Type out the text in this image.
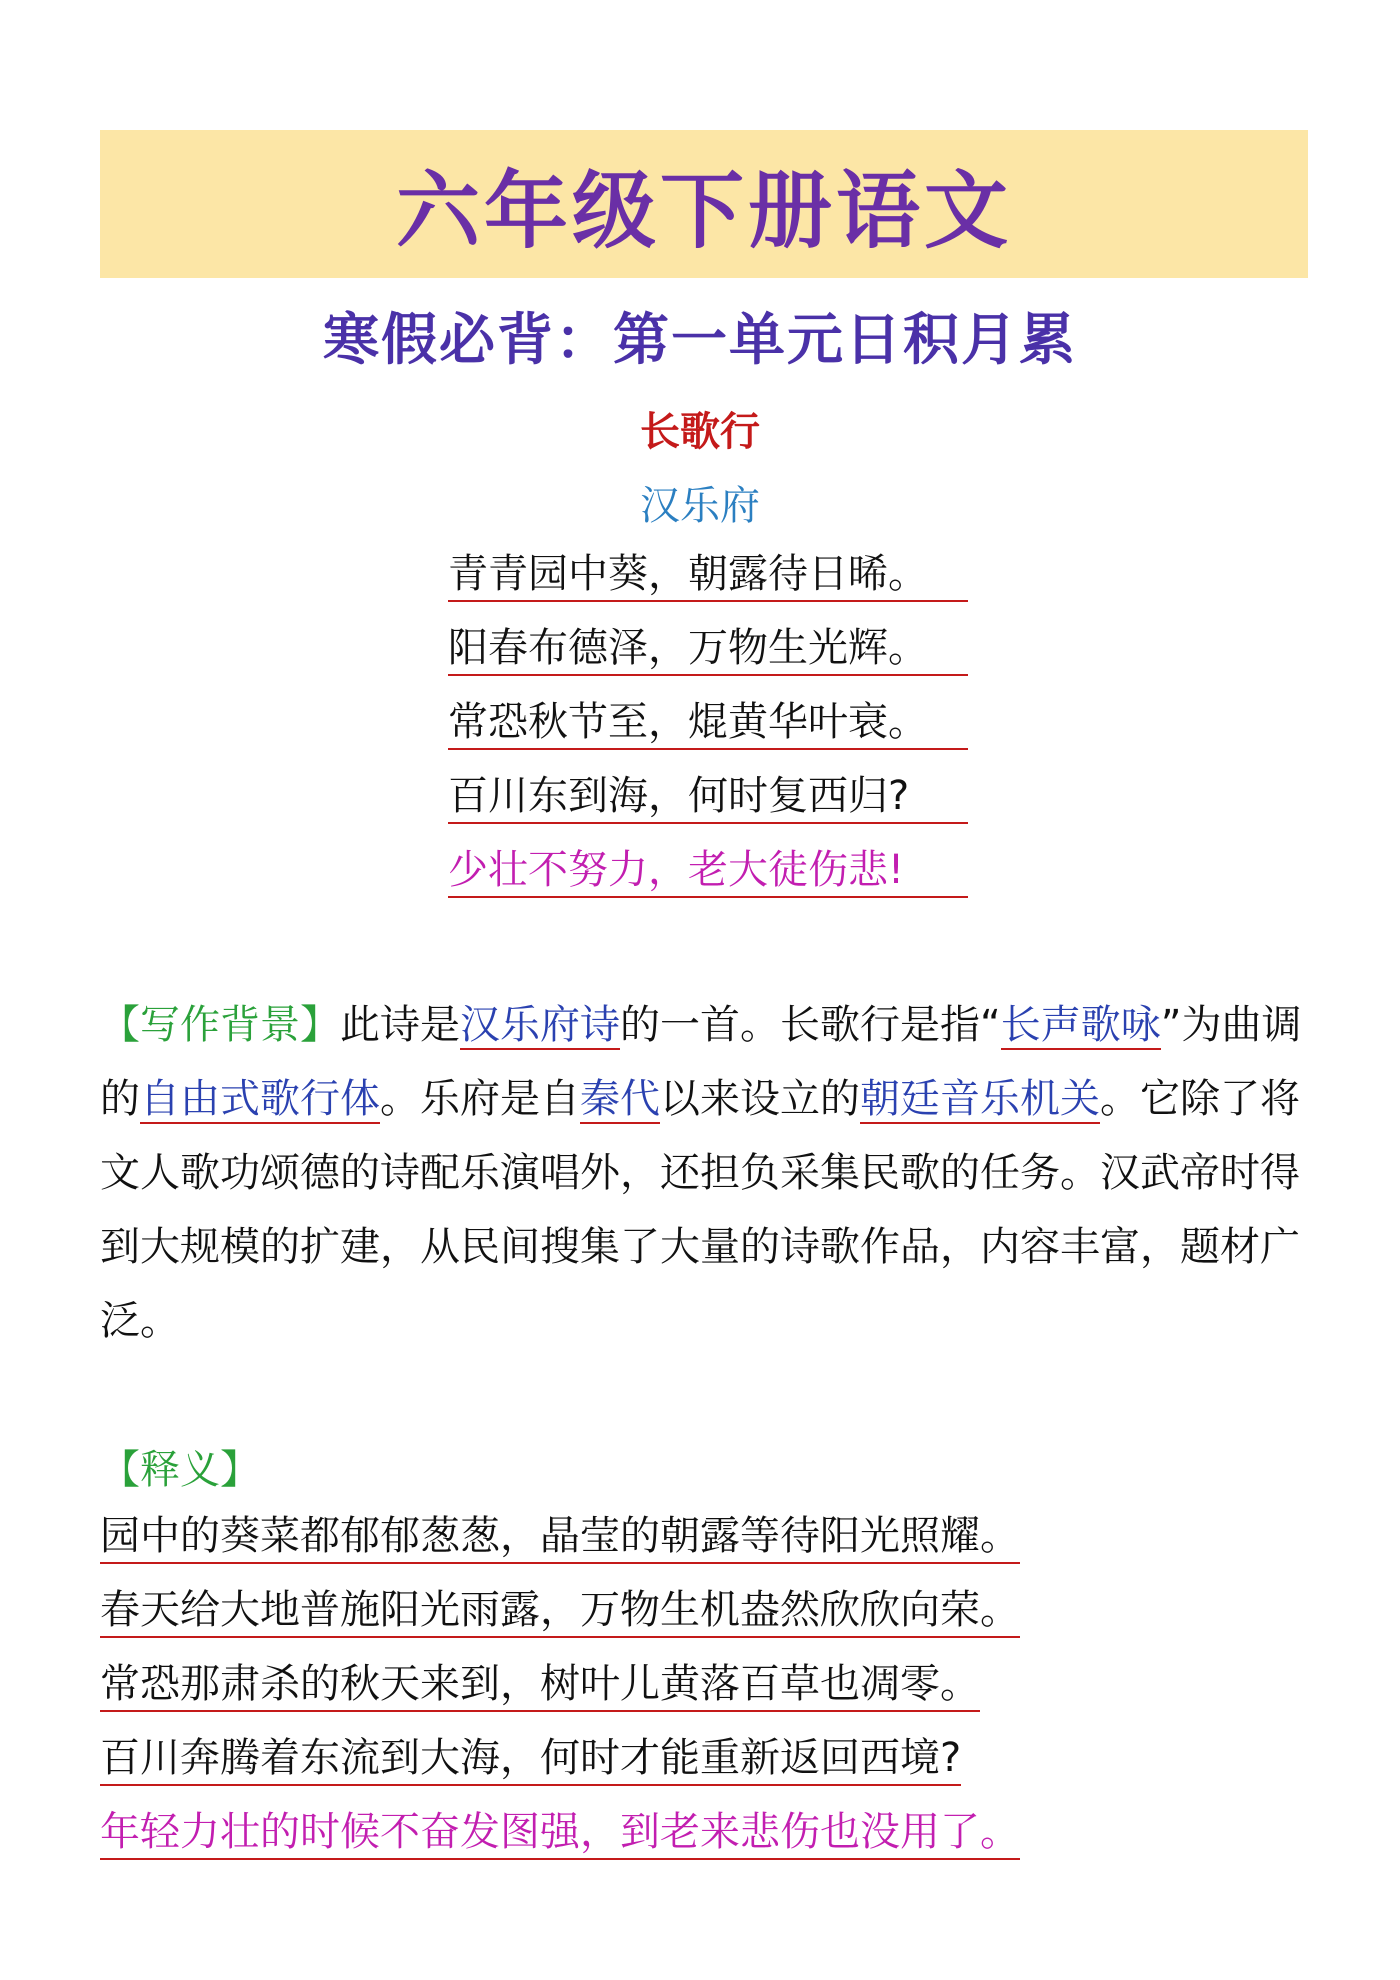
六年级下册语文
寒假必背：第一单元日积月累
长歌行
汉乐府
青青园中葵，朝露待日晞。
阳春布德泽，万物生光辉。
常恐秋节至，焜黄华叶衰。
百川东到海，何时复西归?
少壮不努力，老大徒伤悲!
【写作背景】此诗是汉乐府诗的一首。长歌行是指“长声歌咏”为曲调的自由式歌行体。乐府是自秦代以来设立的朝廷音乐机关。它除了将文人歌功颂德的诗配乐演唱外，还担负采集民歌的任务。汉武帝时得到大规模的扩建，从民间搜集了大量的诗歌作品，内容丰富，题材广泛。
【释义】
园中的葵菜都郁郁葱葱，晶莹的朝露等待阳光照耀。
春天给大地普施阳光雨露，万物生机盎然欣欣向荣。
常恐那肃杀的秋天来到，树叶儿黄落百草也凋零。
百川奔腾着东流到大海，何时才能重新返回西境?
年轻力壮的时候不奋发图强，到老来悲伤也没用了。
